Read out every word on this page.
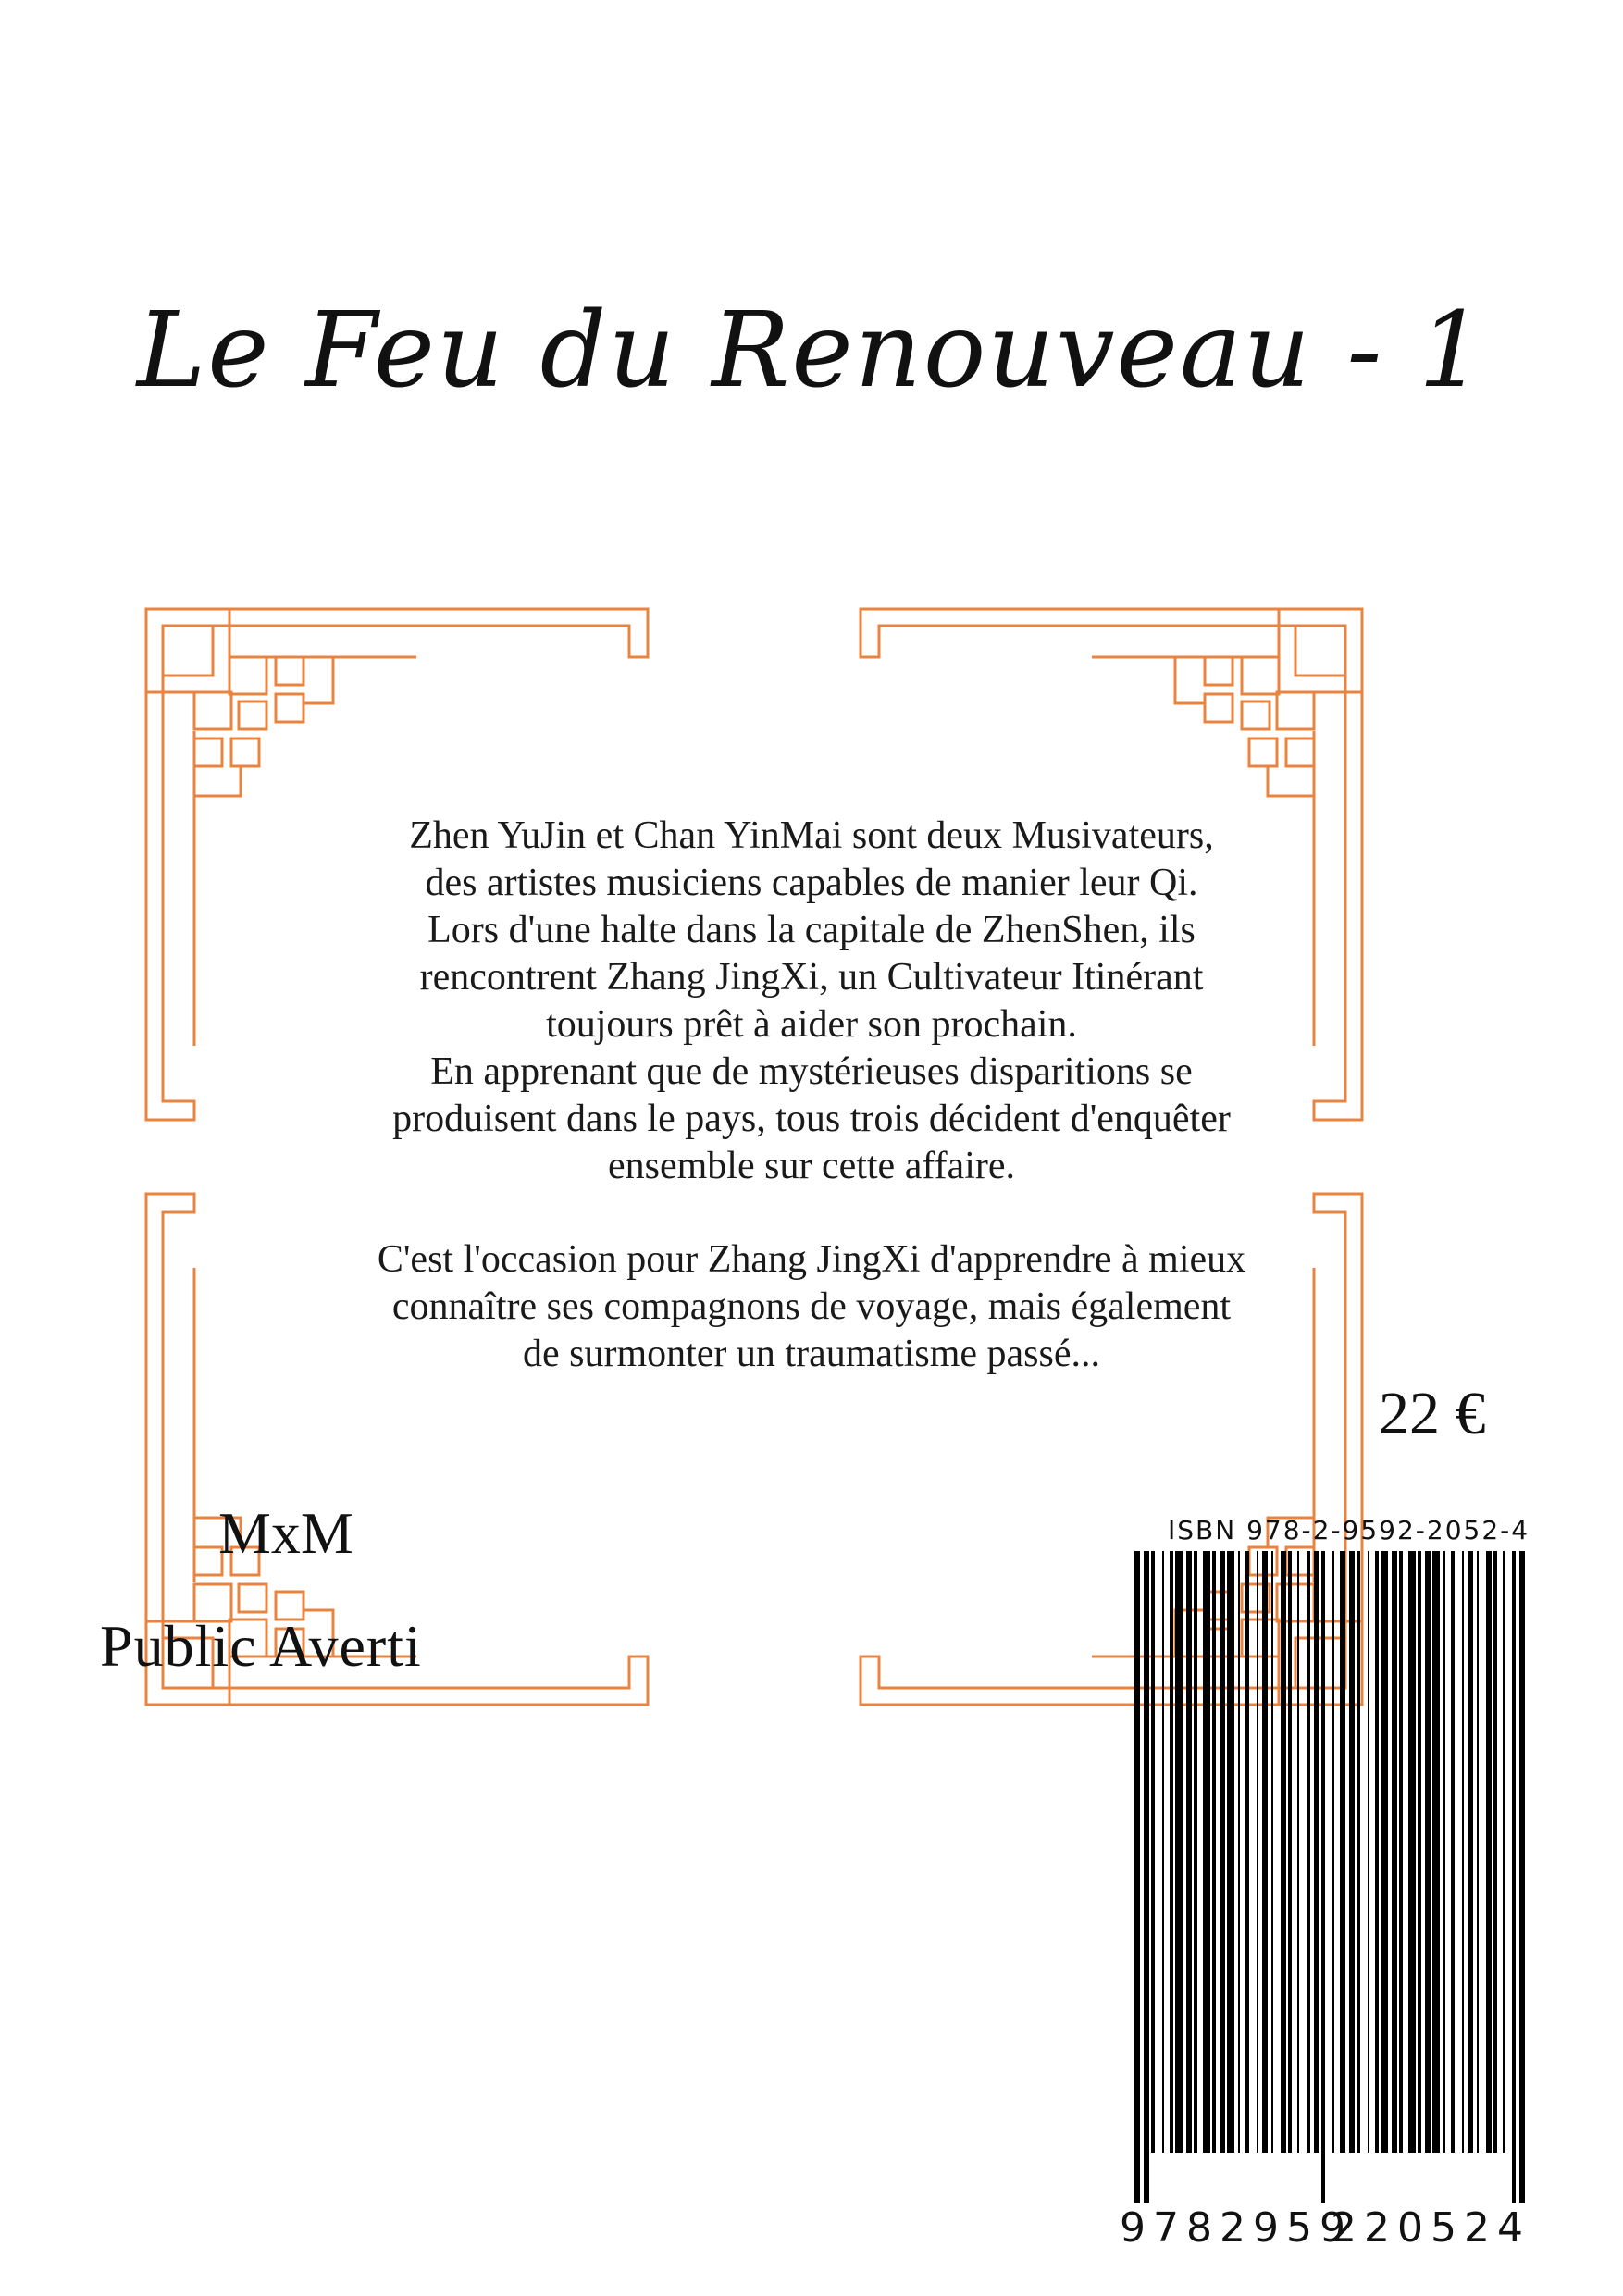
Le Feu du Renouveau - 1

Zhen YuJin et Chan YinMai sont deux Musivateurs,

des artistes musiciens capables de manier leur Qi.

Lors d'une halte dans la capitale de ZhenShen, ils

rencontrent Zhang JingXi, un Cultivateur Itinérant

toujours prêt à aider son prochain.

En apprenant que de mystérieuses disparitions se

produisent dans le pays, tous trois décident d'enquêter

ensemble sur cette affaire.

C'est l'occasion pour Zhang JingXi d'apprendre à mieux

connaître ses compagnons de voyage, mais également

de surmonter un traumatisme passé...

MxM
Public Averti
22 €
ISBN 978-2-9592-2052-4
9 782959
220524
